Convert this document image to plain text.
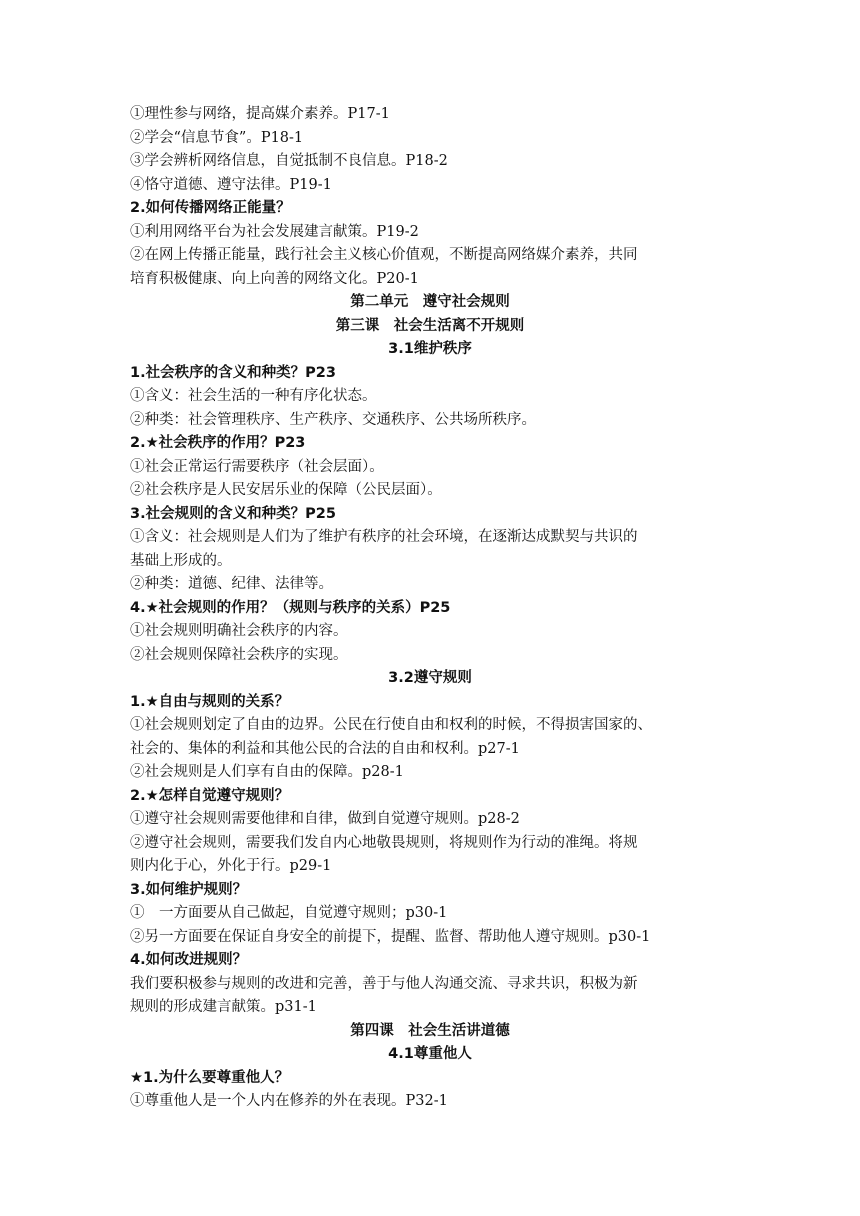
①理性参与网络，提高媒介素养。P17-1
②学会“信息节食”。P18-1
③学会辨析网络信息，自觉抵制不良信息。P18-2
④恪守道德、遵守法律。P19-1
2.如何传播网络正能量？
①利用网络平台为社会发展建言献策。P19-2
②在网上传播正能量，践行社会主义核心价值观，不断提高网络媒介素养，共同
培育积极健康、向上向善的网络文化。P20-1
第二单元　遵守社会规则
第三课　社会生活离不开规则
3.1维护秩序
1.社会秩序的含义和种类？P23
①含义：社会生活的一种有序化状态。
②种类：社会管理秩序、生产秩序、交通秩序、公共场所秩序。
2.★社会秩序的作用？P23
①社会正常运行需要秩序（社会层面）。
②社会秩序是人民安居乐业的保障（公民层面）。
3.社会规则的含义和种类？P25
①含义：社会规则是人们为了维护有秩序的社会环境，在逐渐达成默契与共识的
基础上形成的。
②种类：道德、纪律、法律等。
4.★社会规则的作用？（规则与秩序的关系）P25
①社会规则明确社会秩序的内容。
②社会规则保障社会秩序的实现。
3.2遵守规则
1.★自由与规则的关系？
①社会规则划定了自由的边界。公民在行使自由和权利的时候，不得损害国家的、
社会的、集体的利益和其他公民的合法的自由和权利。p27-1
②社会规则是人们享有自由的保障。p28-1
2.★怎样自觉遵守规则？
①遵守社会规则需要他律和自律，做到自觉遵守规则。p28-2
②遵守社会规则，需要我们发自内心地敬畏规则，将规则作为行动的准绳。将规
则内化于心，外化于行。p29-1
3.如何维护规则？
①　一方面要从自己做起，自觉遵守规则；p30-1
②另一方面要在保证自身安全的前提下，提醒、监督、帮助他人遵守规则。p30-1
4.如何改进规则？
我们要积极参与规则的改进和完善，善于与他人沟通交流、寻求共识，积极为新
规则的形成建言献策。p31-1
第四课　社会生活讲道德
4.1尊重他人
★1.为什么要尊重他人？
①尊重他人是一个人内在修养的外在表现。P32-1
